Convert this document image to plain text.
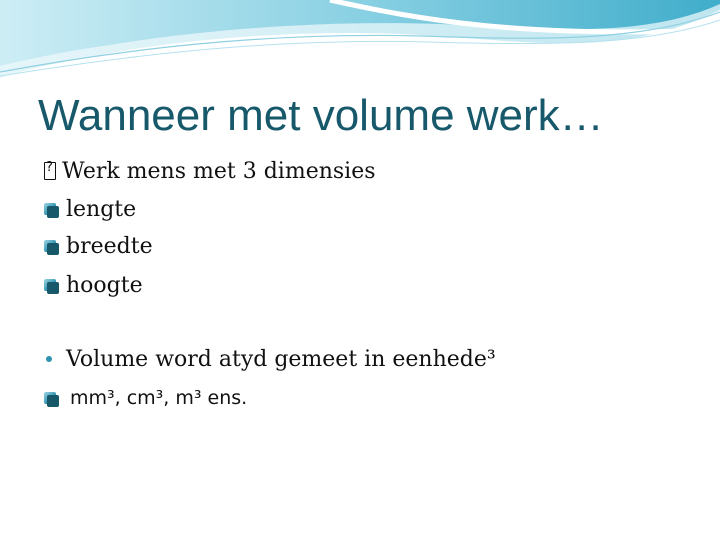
Wanneer met volume werk…
?
Werk mens met 3 dimensies
lengte
breedte
hoogte
Volume word atyd gemeet in eenhede³
mm³, cm³, m³ ens.
